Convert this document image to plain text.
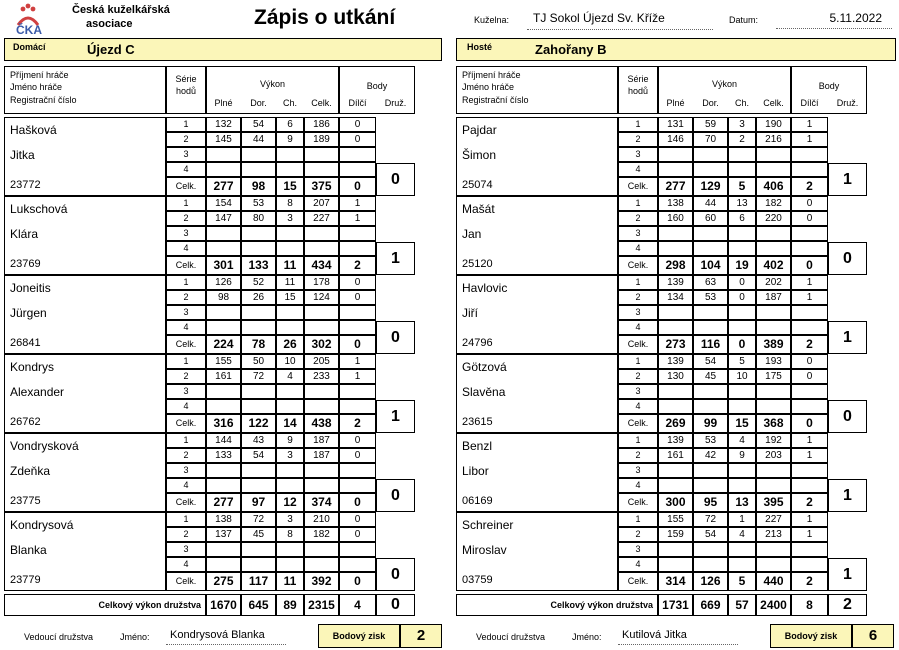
ČKA
Česká kuželkářská
asociace	Zápis o utkání	Kuželna:	TJ Sokol Újezd Sv. Kříže	Datum:	5.11.2022
Domácí	Újezd C	Hosté	Zahořany B
Příjmení hráče
Jméno hráče
Registrační číslo
Série
hodů
Výkon
Plné	Dor.	Ch.	Celk.
Body
Dílčí	Druž.
Hašková
Jitka
23772
1	132	54	6	186	0
2	145	44	9	189	0
3
4
Celk.	277	98	15	375	0	0
Lukschová
Klára
23769
1	154	53	8	207	1
2	147	80	3	227	1
3
4
Celk.	301	133	11	434	2	1
Joneitis
Jürgen
26841
1	126	52	11	178	0
2	98	26	15	124	0
3
4
Celk.	224	78	26	302	0	0
Kondrys
Alexander
26762
1	155	50	10	205	1
2	161	72	4	233	1
3
4
Celk.	316	122	14	438	2	1
Vondrysková
Zdeňka
23775
1	144	43	9	187	0
2	133	54	3	187	0
3
4
Celk.	277	97	12	374	0	0
Kondrysová
Blanka
23779
1	138	72	3	210	0
2	137	45	8	182	0
3
4
Celk.	275	117	11	392	0	0
Celkový výkon družstva 1670 645	89 2315	4	0
Příjmení hráče
Jméno hráče
Registrační číslo
Série
hodů
Výkon
Plné	Dor.	Ch.	Celk.
Body
Dílčí	Druž.
Pajdar
Šimon
25074
1	131	59	3	190	1
2	146	70	2	216	1
3
4
Celk.	277	129	5	406	2	1
Mašát
Jan
25120
1	138	44	13	182	0
2	160	60	6	220	0
3
4
Celk.	298	104	19	402	0	0
Havlovic
Jiří
24796
1	139	63	0	202	1
2	134	53	0	187	1
3
4
Celk.	273	116	0	389	2	1
Götzová
Slavěna
23615
1	139	54	5	193	0
2	130	45	10	175	0
3
4
Celk.	269	99	15	368	0	0
Benzl
Libor
06169
1	139	53	4	192	1
2	161	42	9	203	1
3
4
Celk.	300	95	13	395	2	1
Schreiner
Miroslav
03759
1	155	72	1	227	1
2	159	54	4	213	1
3
4
Celk.	314	126	5	440	2	1
Celkový výkon družstva 1731 669	57 2400	8	2
Vedoucí družstva	Jméno:	Kondrysová Blanka	Bodový zisk	2	Vedoucí družstva	Jméno:	Kutilová Jitka	Bodový zisk	6
